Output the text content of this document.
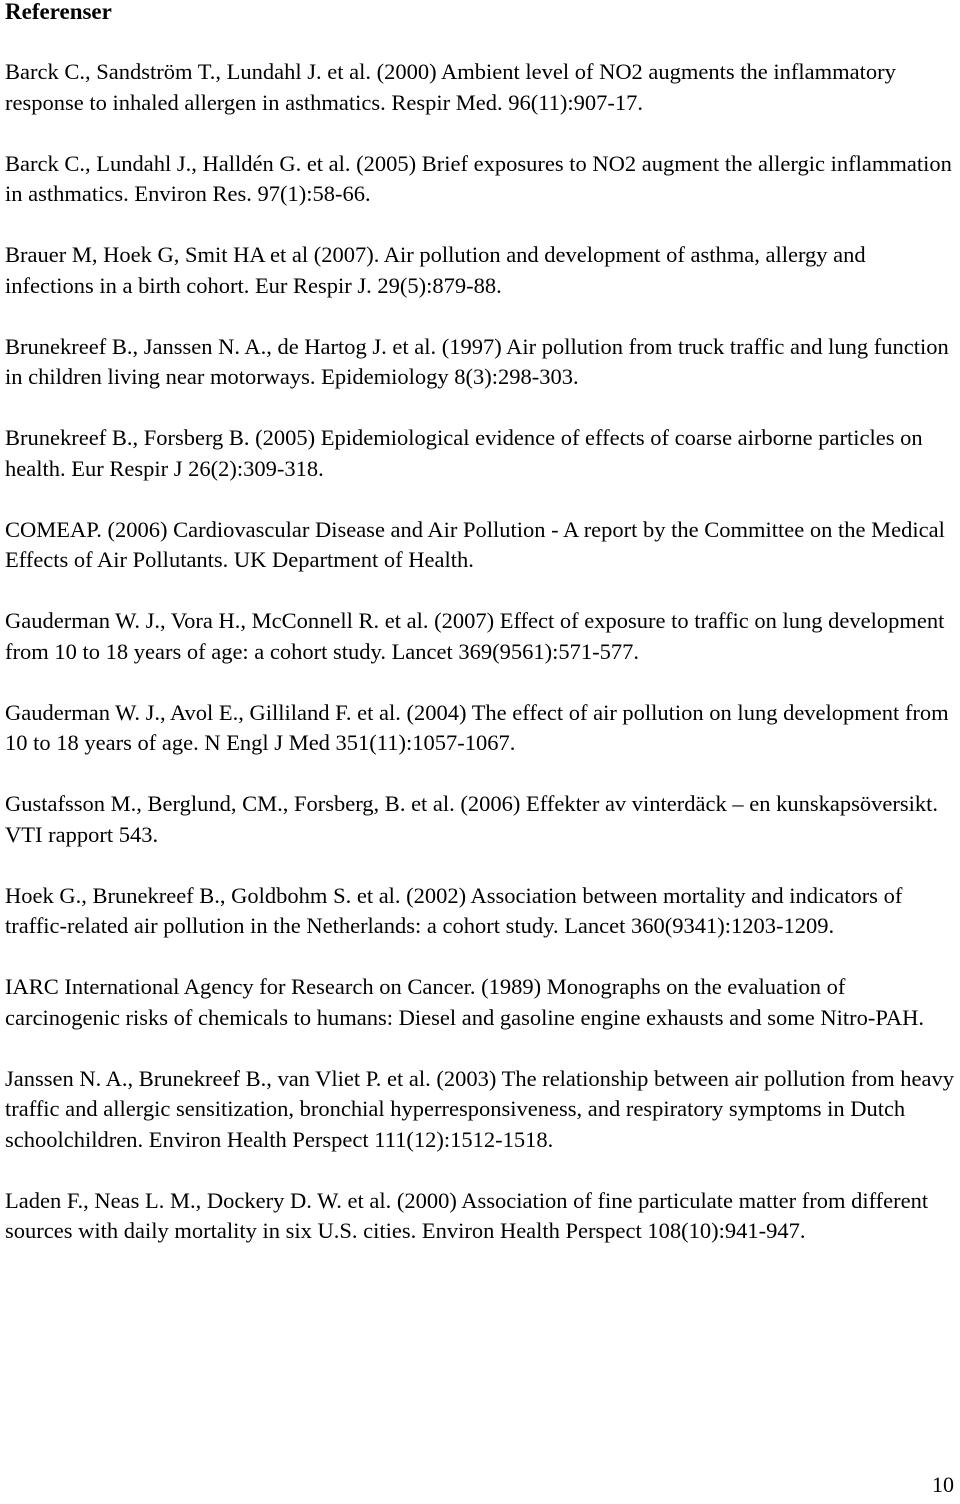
Referenser

Barck C., Sandström T., Lundahl J. et al. (2000) Ambient level of NO2 augments the inflammatory response to inhaled allergen in asthmatics. Respir Med. 96(11):907-17.

Barck C., Lundahl J., Halldén G. et al. (2005) Brief exposures to NO2 augment the allergic inflammation in asthmatics. Environ Res. 97(1):58-66.

Brauer M, Hoek G, Smit HA et al (2007). Air pollution and development of asthma, allergy and infections in a birth cohort. Eur Respir J. 29(5):879-88.

Brunekreef B., Janssen N. A., de Hartog J. et al. (1997) Air pollution from truck traffic and lung function in children living near motorways. Epidemiology 8(3):298-303.

Brunekreef B., Forsberg B. (2005) Epidemiological evidence of effects of coarse airborne particles on health. Eur Respir J 26(2):309-318.

COMEAP. (2006) Cardiovascular Disease and Air Pollution - A report by the Committee on the Medical Effects of Air Pollutants. UK Department of Health.

Gauderman W. J., Vora H., McConnell R. et al. (2007) Effect of exposure to traffic on lung development from 10 to 18 years of age: a cohort study. Lancet 369(9561):571-577.

Gauderman W. J., Avol E., Gilliland F. et al. (2004) The effect of air pollution on lung development from 10 to 18 years of age. N Engl J Med 351(11):1057-1067.

Gustafsson M., Berglund, CM., Forsberg, B. et al. (2006) Effekter av vinterdäck – en kunskapsöversikt. VTI rapport 543.

Hoek G., Brunekreef B., Goldbohm S. et al. (2002) Association between mortality and indicators of traffic-related air pollution in the Netherlands: a cohort study. Lancet 360(9341):1203-1209.

IARC International Agency for Research on Cancer. (1989) Monographs on the evaluation of carcinogenic risks of chemicals to humans: Diesel and gasoline engine exhausts and some Nitro-PAH.

Janssen N. A., Brunekreef B., van Vliet P. et al. (2003) The relationship between air pollution from heavy traffic and allergic sensitization, bronchial hyperresponsiveness, and respiratory symptoms in Dutch schoolchildren. Environ Health Perspect 111(12):1512-1518.

Laden F., Neas L. M., Dockery D. W. et al. (2000) Association of fine particulate matter from different sources with daily mortality in six U.S. cities. Environ Health Perspect 108(10):941-947.

10
